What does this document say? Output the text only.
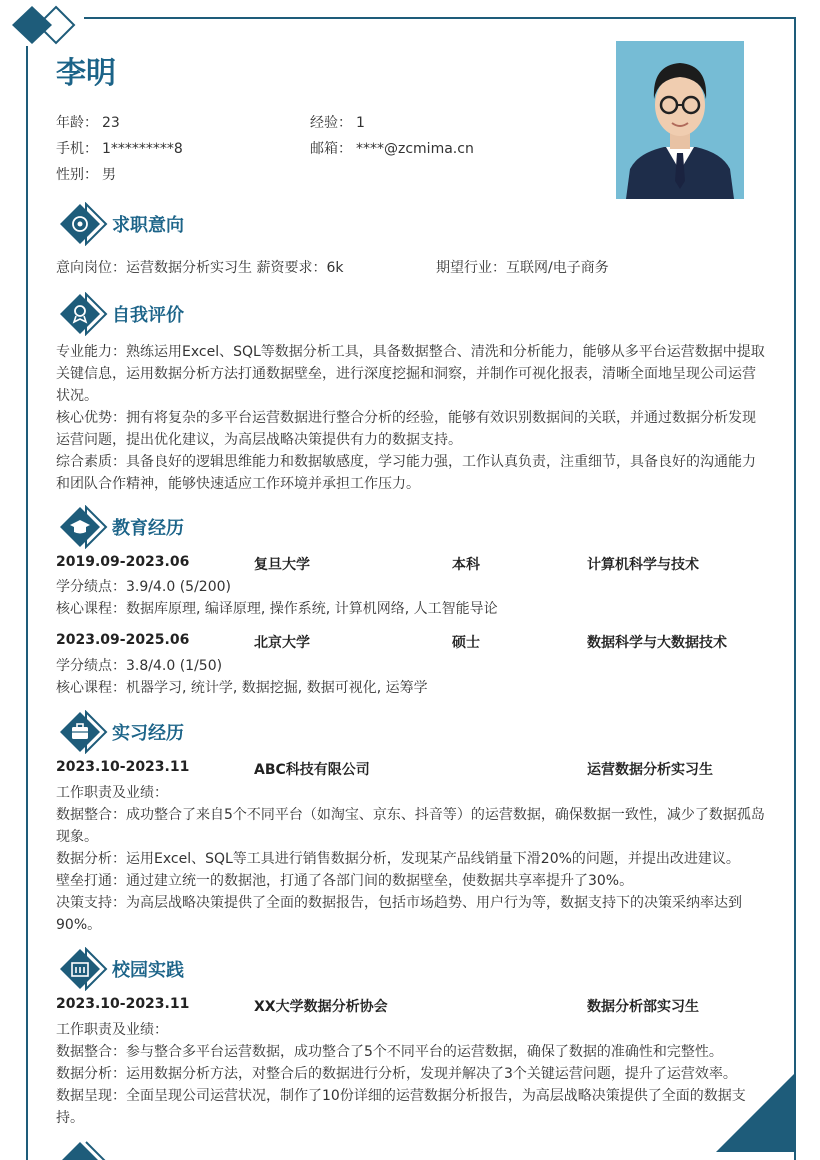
李明
年龄： 23	经验： 1
手机： 1*********8	邮箱： ****@zcmima.cn
性别： 男
求职意向
意向岗位：运营数据分析实习生 薪资要求：6k	期望行业：互联网/电子商务
自我评价

专业能力：熟练运用Excel、SQL等数据分析工具，具备数据整合、清洗和分析能力，能够从多平台运营数据中提取关键信息，运用数据分析方法打通数据壁垒，进行深度挖掘和洞察，并制作可视化报表，清晰全面地呈现公司运营状况。

核心优势：拥有将复杂的多平台运营数据进行整合分析的经验，能够有效识别数据间的关联，并通过数据分析发现运营问题，提出优化建议，为高层战略决策提供有力的数据支持。

综合素质：具备良好的逻辑思维能力和数据敏感度，学习能力强，工作认真负责，注重细节，具备良好的沟通能力和团队合作精神，能够快速适应工作环境并承担工作压力。

教育经历
2019.09-2023.06	复旦大学	本科	计算机科学与技术

学分绩点：3.9/4.0 (5/200)

核心课程：数据库原理, 编译原理, 操作系统, 计算机网络, 人工智能导论

2023.09-2025.06	北京大学	硕士	数据科学与大数据技术

学分绩点：3.8/4.0 (1/50)

核心课程：机器学习, 统计学, 数据挖掘, 数据可视化, 运筹学

实习经历
2023.10-2023.11	ABC科技有限公司	运营数据分析实习生

工作职责及业绩：

数据整合：成功整合了来自5个不同平台（如淘宝、京东、抖音等）的运营数据，确保数据一致性，减少了数据孤岛现象。

数据分析：运用Excel、SQL等工具进行销售数据分析，发现某产品线销量下滑20%的问题，并提出改进建议。

壁垒打通：通过建立统一的数据池，打通了各部门间的数据壁垒，使数据共享率提升了30%。

决策支持：为高层战略决策提供了全面的数据报告，包括市场趋势、用户行为等，数据支持下的决策采纳率达到90%。

校园实践
2023.10-2023.11	XX大学数据分析协会	数据分析部实习生

工作职责及业绩：

数据整合：参与整合多平台运营数据，成功整合了5个不同平台的运营数据，确保了数据的准确性和完整性。

数据分析：运用数据分析方法，对整合后的数据进行分析，发现并解决了3个关键运营问题，提升了运营效率。

数据呈现：全面呈现公司运营状况，制作了10份详细的运营数据分析报告，为高层战略决策提供了全面的数据支持。
